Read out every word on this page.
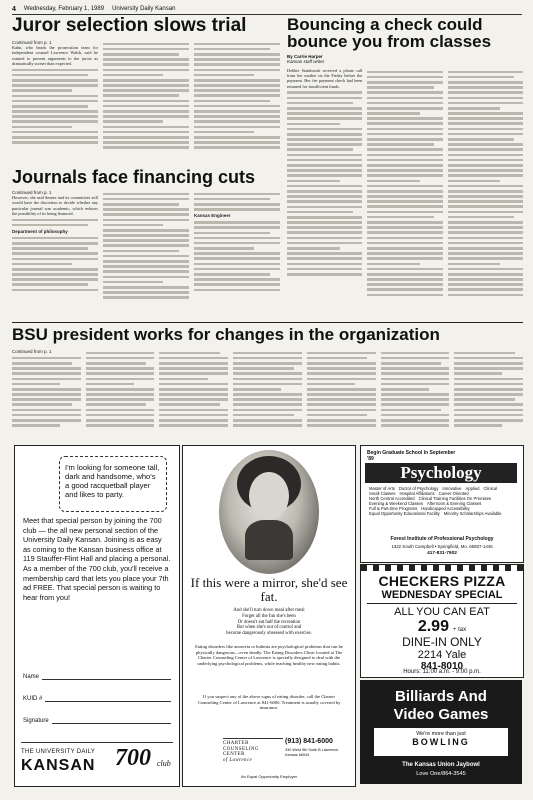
4 Wednesday, February 1, 1989 University Daily Kansan
Juror selection slows trial
Continued from p. 1
Kahn, who heads the prosecution team for independent counsel Lawrence Walsh, said he wanted to present arguments to the jurors as dramatically sooner than expected.
Bouncing a check could bounce you from classes
By Carrie Harper
Kansan staff writer
Debbie Stainbrook received a phone call from her mother on the Friday before the payment. Her fee payment check had been returned for insufficient funds.
Journals face financing cuts
Continued from p. 1
However, she said Senate and its committees still would have the discretion to decide whether any particular journal was academic, which reduces the possibility of its being financed.
Department of philosophy
Kansas Engineer
BSU president works for changes in the organization
Continued from p. 1
I'm looking for someone tall, dark and handsome, who's a good racquetball player and likes to party.
Meet that special person by joining the 700 club — the all new personal section of the University Daily Kansan. Joining is as easy as coming to the Kansan business office at 119 Stauffer-Flint Hall and placing a personal. As a member of the 700 club, you'll receive a membership card that lets you place your 7th ad FREE. That special person is waiting to hear from you!
Name
KUID #
Signature
THE UNIVERSITY DAILY
KANSAN 700 club
If this were a mirror, she'd see fat.
And she'll turn down meal after meal
Forget all the fun she's been
Or doesn't eat half the recreation
But when she's out of control and
become dangerously obsessed with exercise.
Eating disorders like anorexia or bulimia are psychological problems that can be physically dangerous—even deadly. The Eating Disorders Clinic located at The Charter Counseling Center of Lawrence is specially designed to deal with the underlying psychological problems, while teaching healthy new eating habits.
If you suspect any of the above signs of eating disorder, call the Charter Counseling Center of Lawrence at 841-6000. Treatment is usually covered by insurance.
CHARTER
COUNSELING
CENTER
of Lawrence
(913) 841-6000
330 West 9th Suite B Lawrence, Kansas 66044
An Equal Opportunity Employer
Begin Graduate School In September '89
Psychology
Master of Arts Doctor of Psychology Innovative Applied Clinical
Small Classes Hospital Affiliations Career Oriented
North Central Accredited Clinical Training Facilities On Premises
Evening & Weekend Classes Afternoon & Evening Classes
Full & Part-time Programs Handicapped Accessibility
Equal Opportunity Educational Facility Minority Scholarships Available
Forest Institute of Professional Psychology
1322 South Campbell • Springfield, Mo. 65807-1445
417-831-7902
CHECKERS PIZZA
WEDNESDAY SPECIAL
ALL YOU CAN EAT
2.99 + tax
DINE-IN ONLY
2214 Yale
841-8010
Hours: 11:00 a.m. - 9:00 p.m.
Billiards And
Video Games
We're more than just
BOWLING
The Kansas Union Jaybowl
Love One/864-3545
